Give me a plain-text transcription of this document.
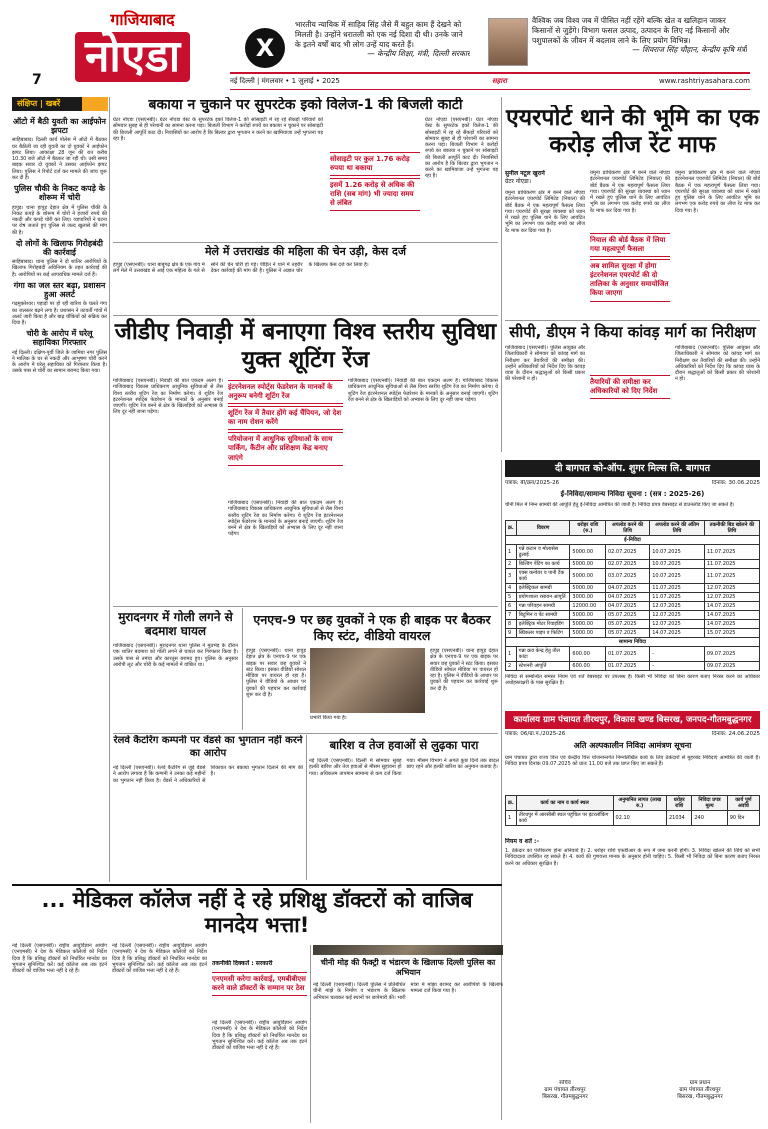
गाजियाबाद
नोएडा
7
X
भारतीय न्यायिक में साहिब सिंह जैसे मैं बहुत काम हैं देखने को मिलती है। उन्होंने धरातली को एक नई दिशा दी थी। उनके जाने के इतने वर्षों बाद भी लोग उन्हें याद करते हैं।
— केन्द्रीय शिक्षा, मंत्री, दिल्ली सरकार
वैश्विक जब विश्व जब में पीसित नहीं रहेंगे बल्कि खेत व खलिहान जाकर किसानों से जुड़ेंगे। विभाग फसल उत्पाद, उत्पादन के लिए नई किसानों और पशुपालकों के जीवन में बदलाव लाने के लिए प्रयोग विभिन्न।
— शिवराज सिंह चौहान, केन्द्रीय कृषि मंत्री
नई दिल्ली | मंगलवार • 1 जुलाई • 2025	सहारा	www.rashtriyasahara.com
संक्षिप्त | खबरें
ऑटो में बैठी युवती का आईफोन झपटा
साहिबाबाद। दिल्ली कार्य पोलेस में ऑटो में बैठकर घर बैठीली जा रही युवती का दो युवकों ने आईफोन झपट लिया। आकांक्षा 28 जून की रात करीब 10.30 बजे ऑटो में बैठकर जा रही थी। उसी समय बाइक सवार दो युवकों ने उसका आईफोन झपट लिया। पुलिस ने रिपोर्ट दर्ज कर मामले की जांच शुरू कर दी है।
पुलिस चौकी के निकट कपड़े के शोरूम में चोरी
हापुड़। थाना हापुड़ देहात क्षेत्र में पुलिस चौकी के निकट कपड़े के शोरूम में चोरों ने हजारों रुपये की नकदी और कपड़े चोरी कर लिए। व्यापारियों ने घटना पर रोष जताते हुए पुलिस से जल्द खुलासे की मांग की है।
दो लोगों के खिलाफ गिरोहबंदी की कार्रवाई
साहिबाबाद। थाना पुलिस ने दो शातिर आरोपियों के खिलाफ गिरोहबंदी अधिनियम के तहत कार्रवाई की है। आरोपियों पर कई आपराधिक मामले दर्ज हैं।
गंगा का जल स्तर बढ़ा, प्रशासन हुआ अलर्ट
गढ़मुक्तेश्वर। पहाड़ों पर हो रही बारिश के चलते गंगा का जलस्तर बढ़ने लगा है। प्रशासन ने तटवर्ती गांवों में अलर्ट जारी किया है और बाढ़ चौकियों को सक्रिय कर दिया है।
चोरी के आरोप में घरेलू सहायिका गिरफ्तार
नई दिल्ली। दक्षिण-पूर्वी जिले के जामिया नगर पुलिस ने मालिक के घर से नकदी और आभूषण चोरी करने के आरोप में घरेलू सहायिका को गिरफ्तार किया है। उसके पास से चोरी का सामान बरामद किया गया।
बकाया न चुकाने पर सुपरटेक इको विलेज-1 की बिजली काटी
ग्रेटर नोएडा (एसएनबी)। ग्रेटर नोएडा वेस्ट के सुपरटेक इको विलेज-1 की सोसाइटी में रह रहे सैकड़ों परिवारों को सोमवार सुबह से ही परेशानी का सामना करना पड़ा। बिजली विभाग ने करोड़ों रुपये का बकाया न चुकाने पर सोसाइटी की बिजली आपूर्ति काट दी। निवासियों का आरोप है कि बिल्डर द्वारा भुगतान न करने का खामियाजा उन्हें भुगतना पड़ रहा है।
सोसाइटी पर कुल 1.76 करोड़ रुपया था बकाया
इसमें 1.26 करोड़ से अधिक की राशि (सब मांग) भी ज्यादा समय से लंबित
ग्रेटर नोएडा (एसएनबी)। ग्रेटर नोएडा वेस्ट के सुपरटेक इको विलेज-1 की सोसाइटी में रह रहे सैकड़ों परिवारों को सोमवार सुबह से ही परेशानी का सामना करना पड़ा। बिजली विभाग ने करोड़ों रुपये का बकाया न चुकाने पर सोसाइटी की बिजली आपूर्ति काट दी। निवासियों का आरोप है कि बिल्डर द्वारा भुगतान न करने का खामियाजा उन्हें भुगतना पड़ रहा है।
एयरपोर्ट थाने की भूमि का एक करोड़ लीज रेंट माफ
सुनील नटूल खुराने
ग्रेटर नोएडा।
यमुना प्राधिकरण क्षेत्र में बनने वाले नोएडा इंटरनेशनल एयरपोर्ट लिमिटेड (नियाल) की बोर्ड बैठक में एक महत्वपूर्ण फैसला लिया गया। एयरपोर्ट की सुरक्षा व्यवस्था को ध्यान में रखते हुए पुलिस थाने के लिए आवंटित भूमि का लगभग एक करोड़ रुपये का लीज रेंट माफ कर दिया गया है।
यमुना प्राधिकरण क्षेत्र में बनने वाले नोएडा इंटरनेशनल एयरपोर्ट लिमिटेड (नियाल) की बोर्ड बैठक में एक महत्वपूर्ण फैसला लिया गया। एयरपोर्ट की सुरक्षा व्यवस्था को ध्यान में रखते हुए पुलिस थाने के लिए आवंटित भूमि का लगभग एक करोड़ रुपये का लीज रेंट माफ कर दिया गया है।
नियाल की बोर्ड बैठक में लिया गया महत्वपूर्ण फैसला
अब शामिल सुरक्षा में होगा इंटरनेशनल एयरपोर्ट की दो तालिका के अनुसार समायोजित किया जाएगा
यमुना प्राधिकरण क्षेत्र में बनने वाले नोएडा इंटरनेशनल एयरपोर्ट लिमिटेड (नियाल) की बोर्ड बैठक में एक महत्वपूर्ण फैसला लिया गया। एयरपोर्ट की सुरक्षा व्यवस्था को ध्यान में रखते हुए पुलिस थाने के लिए आवंटित भूमि का लगभग एक करोड़ रुपये का लीज रेंट माफ कर दिया गया है।
मेले में उत्तराखंड की महिला की चेन उड़ी, केस दर्ज
हापुड़ (एसएनबी)। थाना बाबूगढ़ क्षेत्र के एक गांव में लगे मेले में उत्तराखंड से आई एक महिला के गले से सोने की चेन चोरी हो गई। पीड़ित ने थाने में तहरीर देकर कार्रवाई की मांग की है। पुलिस ने अज्ञात चोर के खिलाफ केस दर्ज कर लिया है।
जीडीए निवाड़ी में बनाएगा विश्व स्तरीय सुविधा युक्त शूटिंग रेंज
गाजियाबाद (एसएनबी)। निवाड़ी की बात एकदम अलग है। गाजियाबाद विकास प्राधिकरण आधुनिक सुविधाओं से लैस विश्व स्तरीय शूटिंग रेंज का निर्माण करेगा। ये शूटिंग रेंज इंटरनेशनल स्पोर्ट्स फेडरेशन के मानकों के अनुसार बनाई जाएगी। शूटिंग रेंज बनने से क्षेत्र के खिलाड़ियों को अभ्यास के लिए दूर नहीं जाना पड़ेगा।
इंटरनेशनल स्पोर्ट्स फेडरेशन के मानकों के अनुरूप बनेगी शूटिंग रेंज
शूटिंग रेंज में तैयार होंगे कई चैंपियन, जो देश का नाम रोशन करेंगे
परियोजना में आधुनिक सुविधाओं के साथ पार्किंग, कैंटीन और प्रशिक्षण केंद्र बनाए जाएंगे
गाजियाबाद (एसएनबी)। निवाड़ी की बात एकदम अलग है। गाजियाबाद विकास प्राधिकरण आधुनिक सुविधाओं से लैस विश्व स्तरीय शूटिंग रेंज का निर्माण करेगा। ये शूटिंग रेंज इंटरनेशनल स्पोर्ट्स फेडरेशन के मानकों के अनुसार बनाई जाएगी। शूटिंग रेंज बनने से क्षेत्र के खिलाड़ियों को अभ्यास के लिए दूर नहीं जाना पड़ेगा।
गाजियाबाद (एसएनबी)। निवाड़ी की बात एकदम अलग है। गाजियाबाद विकास प्राधिकरण आधुनिक सुविधाओं से लैस विश्व स्तरीय शूटिंग रेंज का निर्माण करेगा। ये शूटिंग रेंज इंटरनेशनल स्पोर्ट्स फेडरेशन के मानकों के अनुसार बनाई जाएगी। शूटिंग रेंज बनने से क्षेत्र के खिलाड़ियों को अभ्यास के लिए दूर नहीं जाना पड़ेगा।
सीपी, डीएम ने किया कांवड़ मार्ग का निरीक्षण
गाजियाबाद (एसएनबी)। पुलिस आयुक्त और जिलाधिकारी ने सोमवार को कांवड़ मार्ग का निरीक्षण कर तैयारियों की समीक्षा की। उन्होंने अधिकारियों को निर्देश दिए कि कांवड़ यात्रा के दौरान श्रद्धालुओं को किसी प्रकार की परेशानी न हो।	तैयारियों की समीक्षा कर अधिकारियों को दिए निर्देश
गाजियाबाद (एसएनबी)। पुलिस आयुक्त और जिलाधिकारी ने सोमवार को कांवड़ मार्ग का निरीक्षण कर तैयारियों की समीक्षा की। उन्होंने अधिकारियों को निर्देश दिए कि कांवड़ यात्रा के दौरान श्रद्धालुओं को किसी प्रकार की परेशानी न हो।
दी बागपत को-ऑप. शुगर मिल्स लि. बागपत
पत्रांक: बी/क्रय/2025-26	दिनांक: 30.06.2025
ई-निविदा/सामान्य निविदा सूचना : (सत्र : 2025-26)
चीनी मिल में निम्न सामग्री की आपूर्ति हेतु ई-निविदा आमंत्रित की जाती है। निविदा प्रपत्र वेबसाइट से डाउनलोड किए जा सकते हैं।
क्र.	विवरण	धरोहर राशि (रु.)	अपलोड करने की तिथि	अपलोड करने की अंतिम तिथि	तकनीकी बिड खोलने की तिथि
ई-निविदा					
1	गन्ने कटान व मोलासेस ढुलाई	5000.00	02.07.2025	10.07.2025	11.07.2025
2	बिल्डिंग पेंटिंग का कार्य	5000.00	02.07.2025	10.07.2025	11.07.2025
3	एक्स कन्वेयर व पानी टैंक कार्य	5000.00	03.07.2025	10.07.2025	11.07.2025
4	इलेक्ट्रिकल सामग्री	5000.00	04.07.2025	11.07.2025	12.07.2025
5	प्रयोगशाला रसायन आपूर्ति	3000.00	04.07.2025	11.07.2025	12.07.2025
6	गन्ना परिवहन सामग्री	12000.00	04.07.2025	12.07.2025	14.07.2025
7	बिटुमिन व पेंट सामग्री	5000.00	05.07.2025	12.07.2025	14.07.2025
8	इलेक्ट्रिक मोटर रिवाइंडिंग	5000.00	05.07.2025	12.07.2025	14.07.2025
9	स्प्रिंकलर पाइप व फिटिंग	5000.00	05.07.2025	14.07.2025	15.07.2025
सामान्य निविदा					
1	गन्ना क्रय केन्द्र हेतु तौल कांटा	600.00	01.07.2025	-	09.07.2025
2	स्टेशनरी आपूर्ति	600.00	01.07.2025	-	09.07.2025
निविदा से सम्बन्धित समस्त नियम एवं शर्तें वेबसाइट पर उपलब्ध हैं। किसी भी निविदा को बिना कारण बताए निरस्त करने का अधिकार अधोहस्ताक्षरी के पास सुरक्षित है।
कार्यालय ग्राम पंचायत तीरथपुर, विकास खण्ड बिसरख, जनपद-गौतमबुद्धनगर
पत्रांक: 06/ग्रा.पं./2025-26	दिनांक: 24.06.2025
अति अल्पकालीन निविदा आमंत्रण सूचना
ग्राम पंचायत द्वारा राज्य वित्त एवं केन्द्रीय वित्त योजनान्तर्गत निम्नलिखित कार्य के लिए ठेकेदारों से मुहरबंद निविदाएं आमंत्रित की जाती हैं। निविदा प्रपत्र दिनांक 09.07.2025 को प्रातः 11.00 बजे तक प्राप्त किए जा सकते हैं।
क्र.	कार्य का नाम व कार्य स्थल	अनुमानित लागत (लाख रु.)	धरोहर राशि	निविदा प्रपत्र मूल्य	कार्य पूर्ण अवधि
1	तीरथपुर में आरसीसी स्थल पहुंचिल पर इंटरलॉकिंग कार्य	02.10	21034	240	90 दिन
नियम व शर्ते :-
1. ठेकेदार का पंजीकरण होना अनिवार्य है। 2. धरोहर राशि एफडीआर के रूप में जमा करनी होगी। 3. निविदा खोलने की तिथि को सभी निविदादाता उपस्थित रह सकते हैं। 4. कार्य की गुणवत्ता मानक के अनुसार होनी चाहिए। 5. किसी भी निविदा को बिना कारण बताए निरस्त करने का अधिकार सुरक्षित है।
सचिव
ग्राम पंचायत तीरथपुर
बिसरख, गौतमबुद्धनगर
ग्राम प्रधान
ग्राम पंचायत तीरथपुर
बिसरख, गौतमबुद्धनगर
मुरादनगर में गोली लगने से बदमाश घायल
गाजियाबाद (एसएनबी)। मुरादनगर थाना पुलिस ने मुठभेड़ के दौरान एक शातिर बदमाश को गोली लगने से घायल कर गिरफ्तार किया है। उसके पास से तमंचा और कारतूस बरामद हुए। पुलिस के अनुसार आरोपी लूट और चोरी के कई मामलों में वांछित था।
एनएच-9 पर छह युवकों ने एक ही बाइक पर बैठकर किए स्टंट, वीडियो वायरल
हापुड़ (एसएनबी)। थाना हापुड़ देहात क्षेत्र के एनएच-9 पर एक बाइक पर सवार छह युवकों ने स्टंट किया। इसका वीडियो सोशल मीडिया पर वायरल हो रहा है। पुलिस ने वीडियो के आधार पर युवकों की पहचान कर कार्रवाई शुरू कर दी है।
प्रभारी किया गया है।
हापुड़ (एसएनबी)। थाना हापुड़ देहात क्षेत्र के एनएच-9 पर एक बाइक पर सवार छह युवकों ने स्टंट किया। इसका वीडियो सोशल मीडिया पर वायरल हो रहा है। पुलिस ने वीडियो के आधार पर युवकों की पहचान कर कार्रवाई शुरू कर दी है।
रेलवे कैटरिंग कम्पनी पर वेंडर्स का भुगतान नहीं करने का आरोप
नई दिल्ली (एसएनबी)। रेलवे कैटरिंग से जुड़े वेंडर्स ने आरोप लगाया है कि कम्पनी ने उनका कई महीनों का भुगतान नहीं किया है। वेंडर्स ने अधिकारियों से शिकायत कर बकाया भुगतान दिलाने की मांग की है।
बारिश व तेज हवाओं से लुढ़का पारा
नई दिल्ली (एसएनबी)। दिल्ली में सोमवार सुबह हल्की बारिश और तेज हवाओं से मौसम सुहावना हो गया। अधिकतम तापमान सामान्य से कम दर्ज किया गया। मौसम विभाग ने अगले कुछ दिनों तक बादल छाए रहने और हल्की बारिश का अनुमान जताया है।
... मेडिकल कॉलेज नहीं दे रहे प्रशिक्षु डॉक्टरों को वाजिब मानदेय भत्ता!
नई दिल्ली (एसएनबी)। राष्ट्रीय आयुर्विज्ञान आयोग (एनएमसी) ने देश के मेडिकल कॉलेजों को निर्देश दिया है कि प्रशिक्षु डॉक्टरों को निर्धारित मानदेय का भुगतान सुनिश्चित करें। कई कॉलेज अब तक इंटर्न डॉक्टरों को वाजिब भत्ता नहीं दे रहे हैं।
नई दिल्ली (एसएनबी)। राष्ट्रीय आयुर्विज्ञान आयोग (एनएमसी) ने देश के मेडिकल कॉलेजों को निर्देश दिया है कि प्रशिक्षु डॉक्टरों को निर्धारित मानदेय का भुगतान सुनिश्चित करें। कई कॉलेज अब तक इंटर्न डॉक्टरों को वाजिब भत्ता नहीं दे रहे हैं।
तकनीकी दिक्कतें : सरकारी
एनएमसी करेगा कार्रवाई, एमबीबीएस करने वाले डॉक्टरों के सम्मान पर ठेस
नई दिल्ली (एसएनबी)। राष्ट्रीय आयुर्विज्ञान आयोग (एनएमसी) ने देश के मेडिकल कॉलेजों को निर्देश दिया है कि प्रशिक्षु डॉक्टरों को निर्धारित मानदेय का भुगतान सुनिश्चित करें। कई कॉलेज अब तक इंटर्न डॉक्टरों को वाजिब भत्ता नहीं दे रहे हैं।
चीनी मोड़ की फैक्ट्री व भंडारण के खिलाफ दिल्ली पुलिस का अभियान
नई दिल्ली (एसएनबी)। दिल्ली पुलिस ने प्रतिबंधित चीनी मांझे के निर्माण व भंडारण के खिलाफ अभियान चलाकर कई स्थानों पर छापेमारी की। भारी मात्रा में मांझा बरामद कर आरोपियों के खिलाफ मामला दर्ज किया गया है।
